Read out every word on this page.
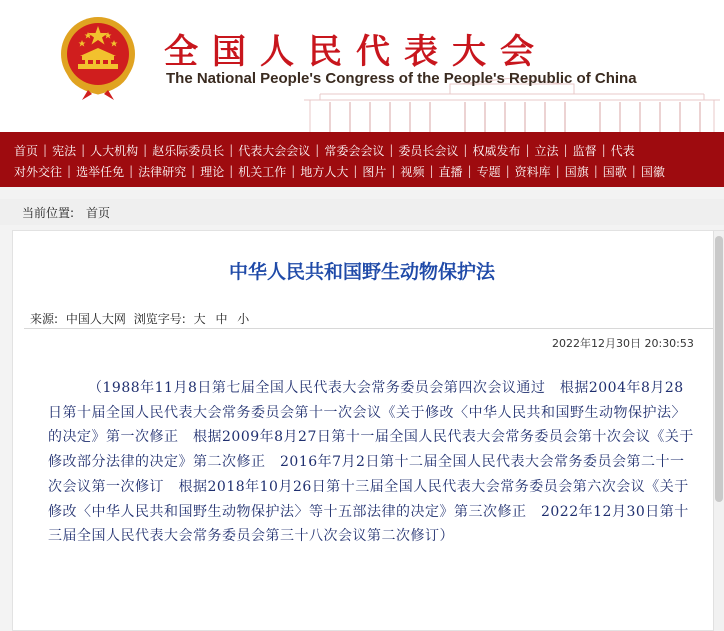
全国人民代表大会
The National People's Congress of the People's Republic of China
首页 | 宪法 | 人大机构 | 赵乐际委员长 | 代表大会会议 | 常委会会议 | 委员长会议 | 权威发布 | 立法 | 监督 | 代表
对外交往 | 选举任免 | 法律研究 | 理论 | 机关工作 | 地方人大 | 图片 | 视频 | 直播 | 专题 | 资料库 | 国旗 | 国歌 | 国徽
当前位置: 首页
中华人民共和国野生动物保护法
来源: 中国人大网 浏览字号: 大 中 小
2022年12月30日 20:30:53

（1988年11月8日第七届全国人民代表大会常务委员会第四次会议通过　根据2004年8月28日第十届全国人民代表大会常务委员会第十一次会议《关于修改〈中华人民共和国野生动物保护法〉的决定》第一次修正　根据2009年8月27日第十一届全国人民代表大会常务委员会第十次会议《关于修改部分法律的决定》第二次修正　2016年7月2日第十二届全国人民代表大会常务委员会第二十一次会议第一次修订　根据2018年10月26日第十三届全国人民代表大会常务委员会第六次会议《关于修改〈中华人民共和国野生动物保护法〉等十五部法律的决定》第三次修正　2022年12月30日第十三届全国人民代表大会常务委员会第三十八次会议第二次修订）
